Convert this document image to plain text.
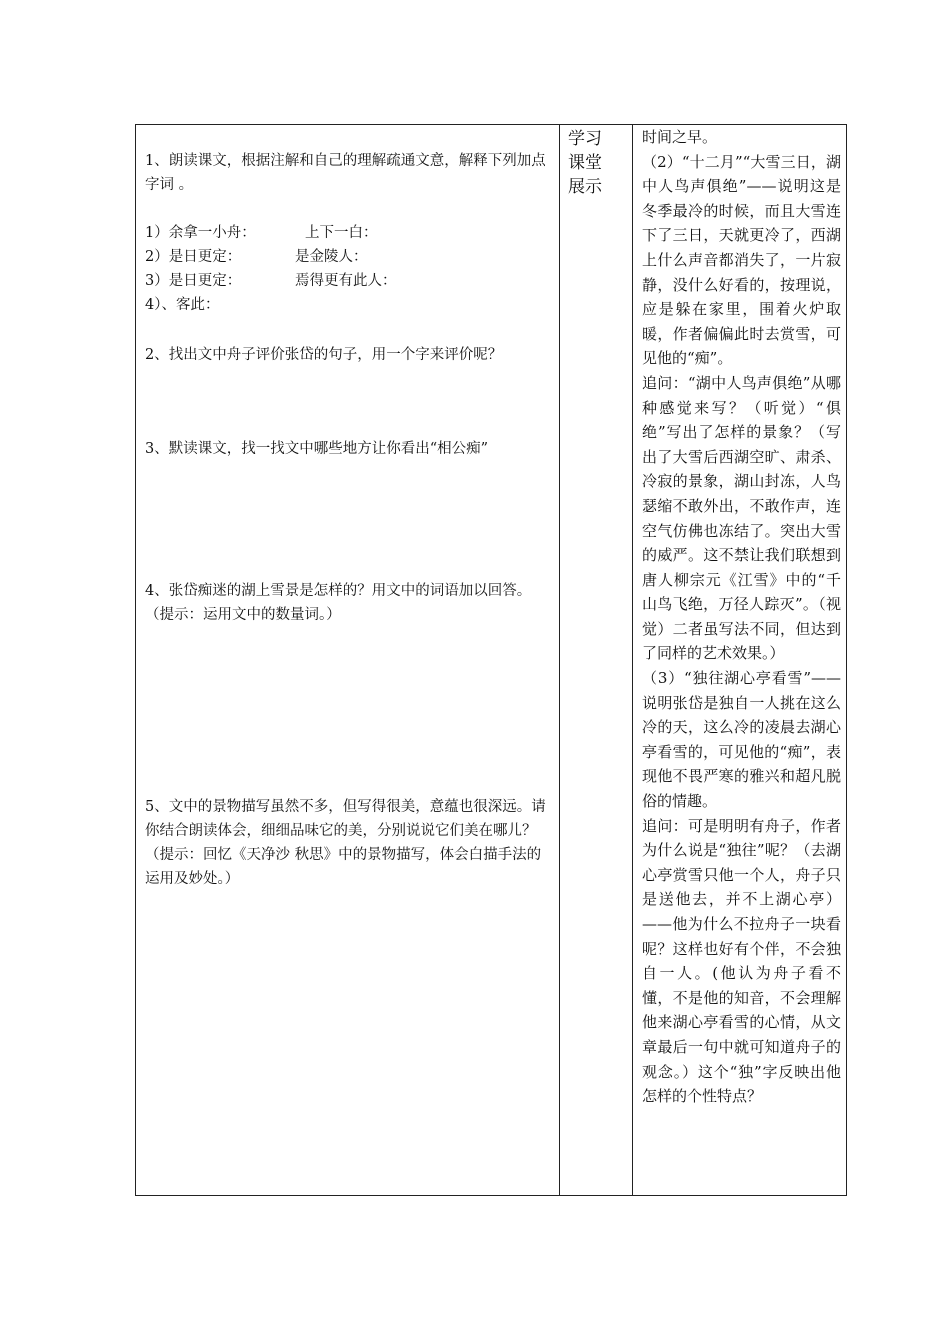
1、朗读课文，根据注解和自己的理解疏通文意，解释下列加点字词 。

1）余拿一小舟：	上下一白：
2）是日更定：	是金陵人：
3）是日更定：	焉得更有此人：
4）、客此：

2、找出文中舟子评价张岱的句子，用一个字来评价呢？

3、默读课文，找一找文中哪些地方让你看出“相公痴”

4、张岱痴迷的湖上雪景是怎样的？用文中的词语加以回答。（提示：运用文中的数量词。）

5、文中的景物描写虽然不多，但写得很美，意蕴也很深远。请你结合朗读体会，细细品味它的美，分别说说它们美在哪儿？（提示：回忆《天净沙 秋思》中的景物描写，体会白描手法的运用及妙处。）

学习
课堂
展示

时间之早。

（2）“十二月”“大雪三日，湖中人鸟声俱绝”——说明这是冬季最冷的时候，而且大雪连下了三日，天就更冷了，西湖上什么声音都消失了，一片寂静，没什么好看的，按理说，应是躲在家里，围着火炉取暖，作者偏偏此时去赏雪，可见他的“痴”。

追问：“湖中人鸟声俱绝”从哪种感觉来写？（听觉）“俱绝”写出了怎样的景象？（写出了大雪后西湖空旷、肃杀、冷寂的景象，湖山封冻，人鸟瑟缩不敢外出，不敢作声，连空气仿佛也冻结了。突出大雪的威严。这不禁让我们联想到唐人柳宗元《江雪》中的“千山鸟飞绝，万径人踪灭”。（视觉）二者虽写法不同，但达到了同样的艺术效果。）

（3）“独往湖心亭看雪”——说明张岱是独自一人挑在这么冷的天，这么冷的凌晨去湖心亭看雪的，可见他的“痴”，表现他不畏严寒的雅兴和超凡脱俗的情趣。

追问：可是明明有舟子，作者为什么说是“独往”呢？（去湖心亭赏雪只他一个人，舟子只是送他去，并不上湖心亭）——他为什么不拉舟子一块看呢？这样也好有个伴，不会独自一人。(他认为舟子看不懂，不是他的知音，不会理解他来湖心亭看雪的心情，从文章最后一句中就可知道舟子的观念。）这个“独”字反映出他怎样的个性特点？
